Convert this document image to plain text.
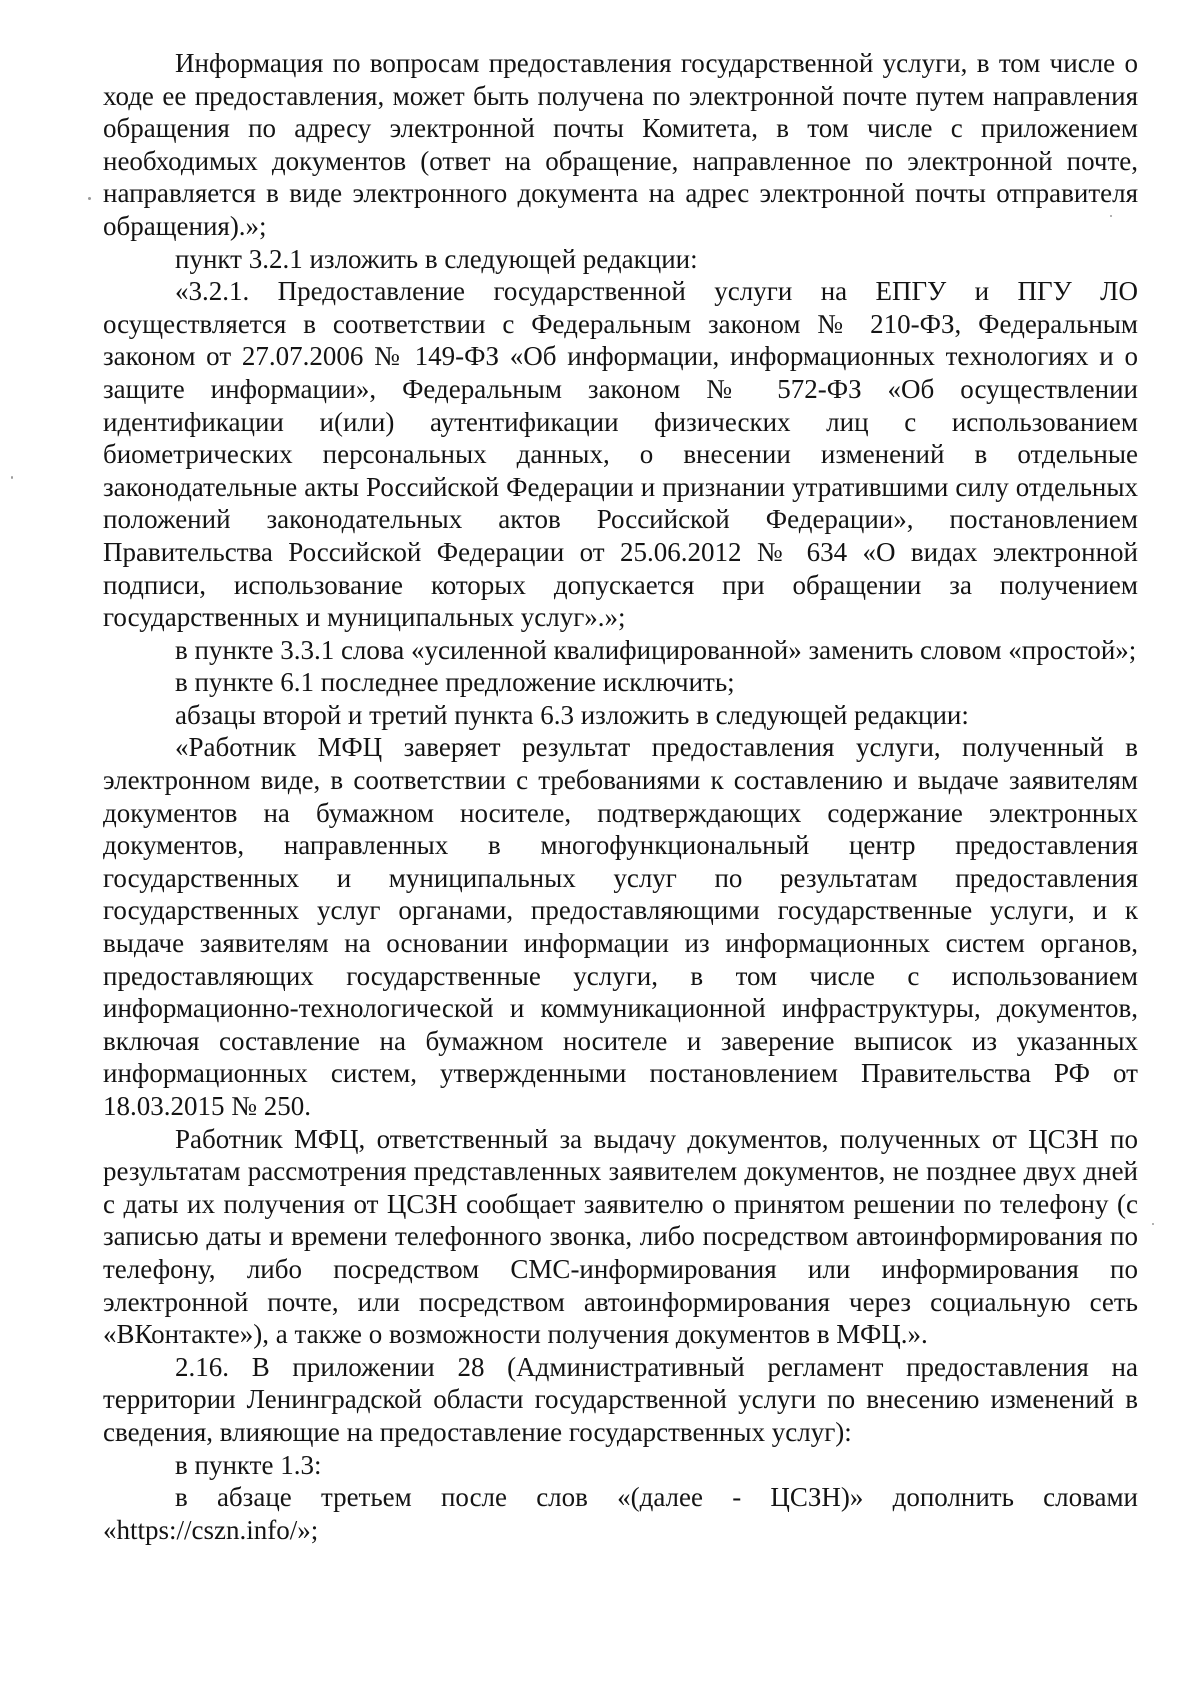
Информация по вопросам предоставления государственной услуги, в том числе о ходе ее предоставления, может быть получена по электронной почте путем направления обращения по адресу электронной почты Комитета, в том числе с приложением необходимых документов (ответ на обращение, направленное по электронной почте, направляется в виде электронного документа на адрес электронной почты отправителя обращения).»;

пункт 3.2.1 изложить в следующей редакции:

«3.2.1. Предоставление государственной услуги на ЕПГУ и ПГУ ЛО осуществляется в соответствии с Федеральным законом № 210-ФЗ, Федеральным законом от 27.07.2006 № 149-ФЗ «Об информации, информационных технологиях и о защите информации», Федеральным законом № 572-ФЗ «Об осуществлении идентификации и(или) аутентификации физических лиц с использованием биометрических персональных данных, о внесении изменений в отдельные законодательные акты Российской Федерации и признании утратившими силу отдельных положений законодательных актов Российской Федерации», постановлением Правительства Российской Федерации от 25.06.2012 № 634 «О видах электронной подписи, использование которых допускается при обращении за получением государственных и муниципальных услуг».»;

в пункте 3.3.1 слова «усиленной квалифицированной» заменить словом «простой»;

в пункте 6.1 последнее предложение исключить;

абзацы второй и третий пункта 6.3 изложить в следующей редакции:

«Работник МФЦ заверяет результат предоставления услуги, полученный в электронном виде, в соответствии с требованиями к составлению и выдаче заявителям документов на бумажном носителе, подтверждающих содержание электронных документов, направленных в многофункциональный центр предоставления государственных и муниципальных услуг по результатам предоставления государственных услуг органами, предоставляющими государственные услуги, и к выдаче заявителям на основании информации из информационных систем органов, предоставляющих государственные услуги, в том числе с использованием информационно-технологической и коммуникационной инфраструктуры, документов, включая составление на бумажном носителе и заверение выписок из указанных информационных систем, утвержденными постановлением Правительства РФ от 18.03.2015 № 250.

Работник МФЦ, ответственный за выдачу документов, полученных от ЦСЗН по результатам рассмотрения представленных заявителем документов, не позднее двух дней с даты их получения от ЦСЗН сообщает заявителю о принятом решении по телефону (с записью даты и времени телефонного звонка, либо посредством автоинформирования по телефону, либо посредством СМС-информирования или информирования по электронной почте, или посредством автоинформирования через социальную сеть «ВКонтакте»), а также о возможности получения документов в МФЦ.».

2.16. В приложении 28 (Административный регламент предоставления на территории Ленинградской области государственной услуги по внесению изменений в сведения, влияющие на предоставление государственных услуг):

в пункте 1.3:

в абзаце третьем после слов «(далее - ЦСЗН)» дополнить словами «https://cszn.info/»;
